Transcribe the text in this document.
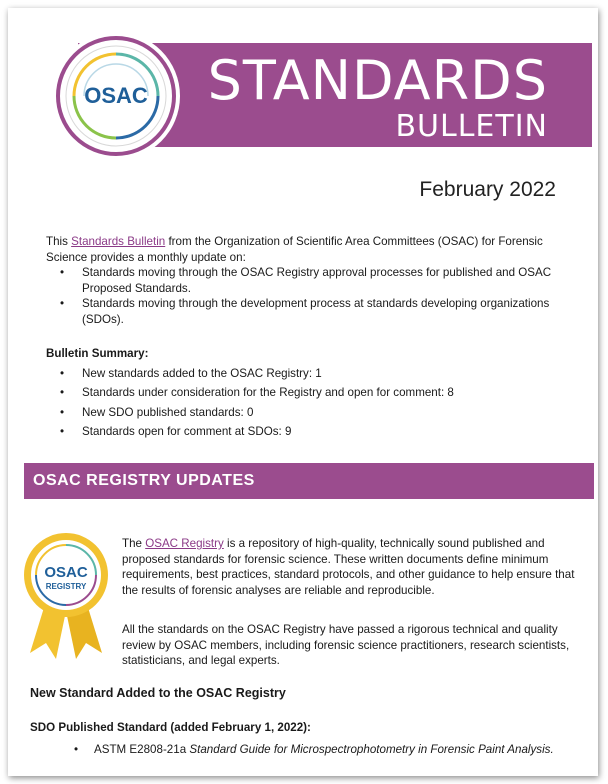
STANDARDS
BULLETIN
OSAC
February 2022
This Standards Bulletin from the Organization of Scientific Area Committees (OSAC) for Forensic Science provides a monthly update on:
• Standards moving through the OSAC Registry approval processes for published and OSAC Proposed Standards.
• Standards moving through the development process at standards developing organizations (SDOs).
Bulletin Summary:
• New standards added to the OSAC Registry: 1
• Standards under consideration for the Registry and open for comment: 8
• New SDO published standards: 0
• Standards open for comment at SDOs: 9
OSAC REGISTRY UPDATES
OSAC
REGISTRY

The OSAC Registry is a repository of high-quality, technically sound published and proposed standards for forensic science. These written documents define minimum requirements, best practices, standard protocols, and other guidance to help ensure that the results of forensic analyses are reliable and reproducible.

All the standards on the OSAC Registry have passed a rigorous technical and quality review by OSAC members, including forensic science practitioners, research scientists, statisticians, and legal experts.

New Standard Added to the OSAC Registry
SDO Published Standard (added February 1, 2022):
• ASTM E2808-21a Standard Guide for Microspectrophotometry in Forensic Paint Analysis.
